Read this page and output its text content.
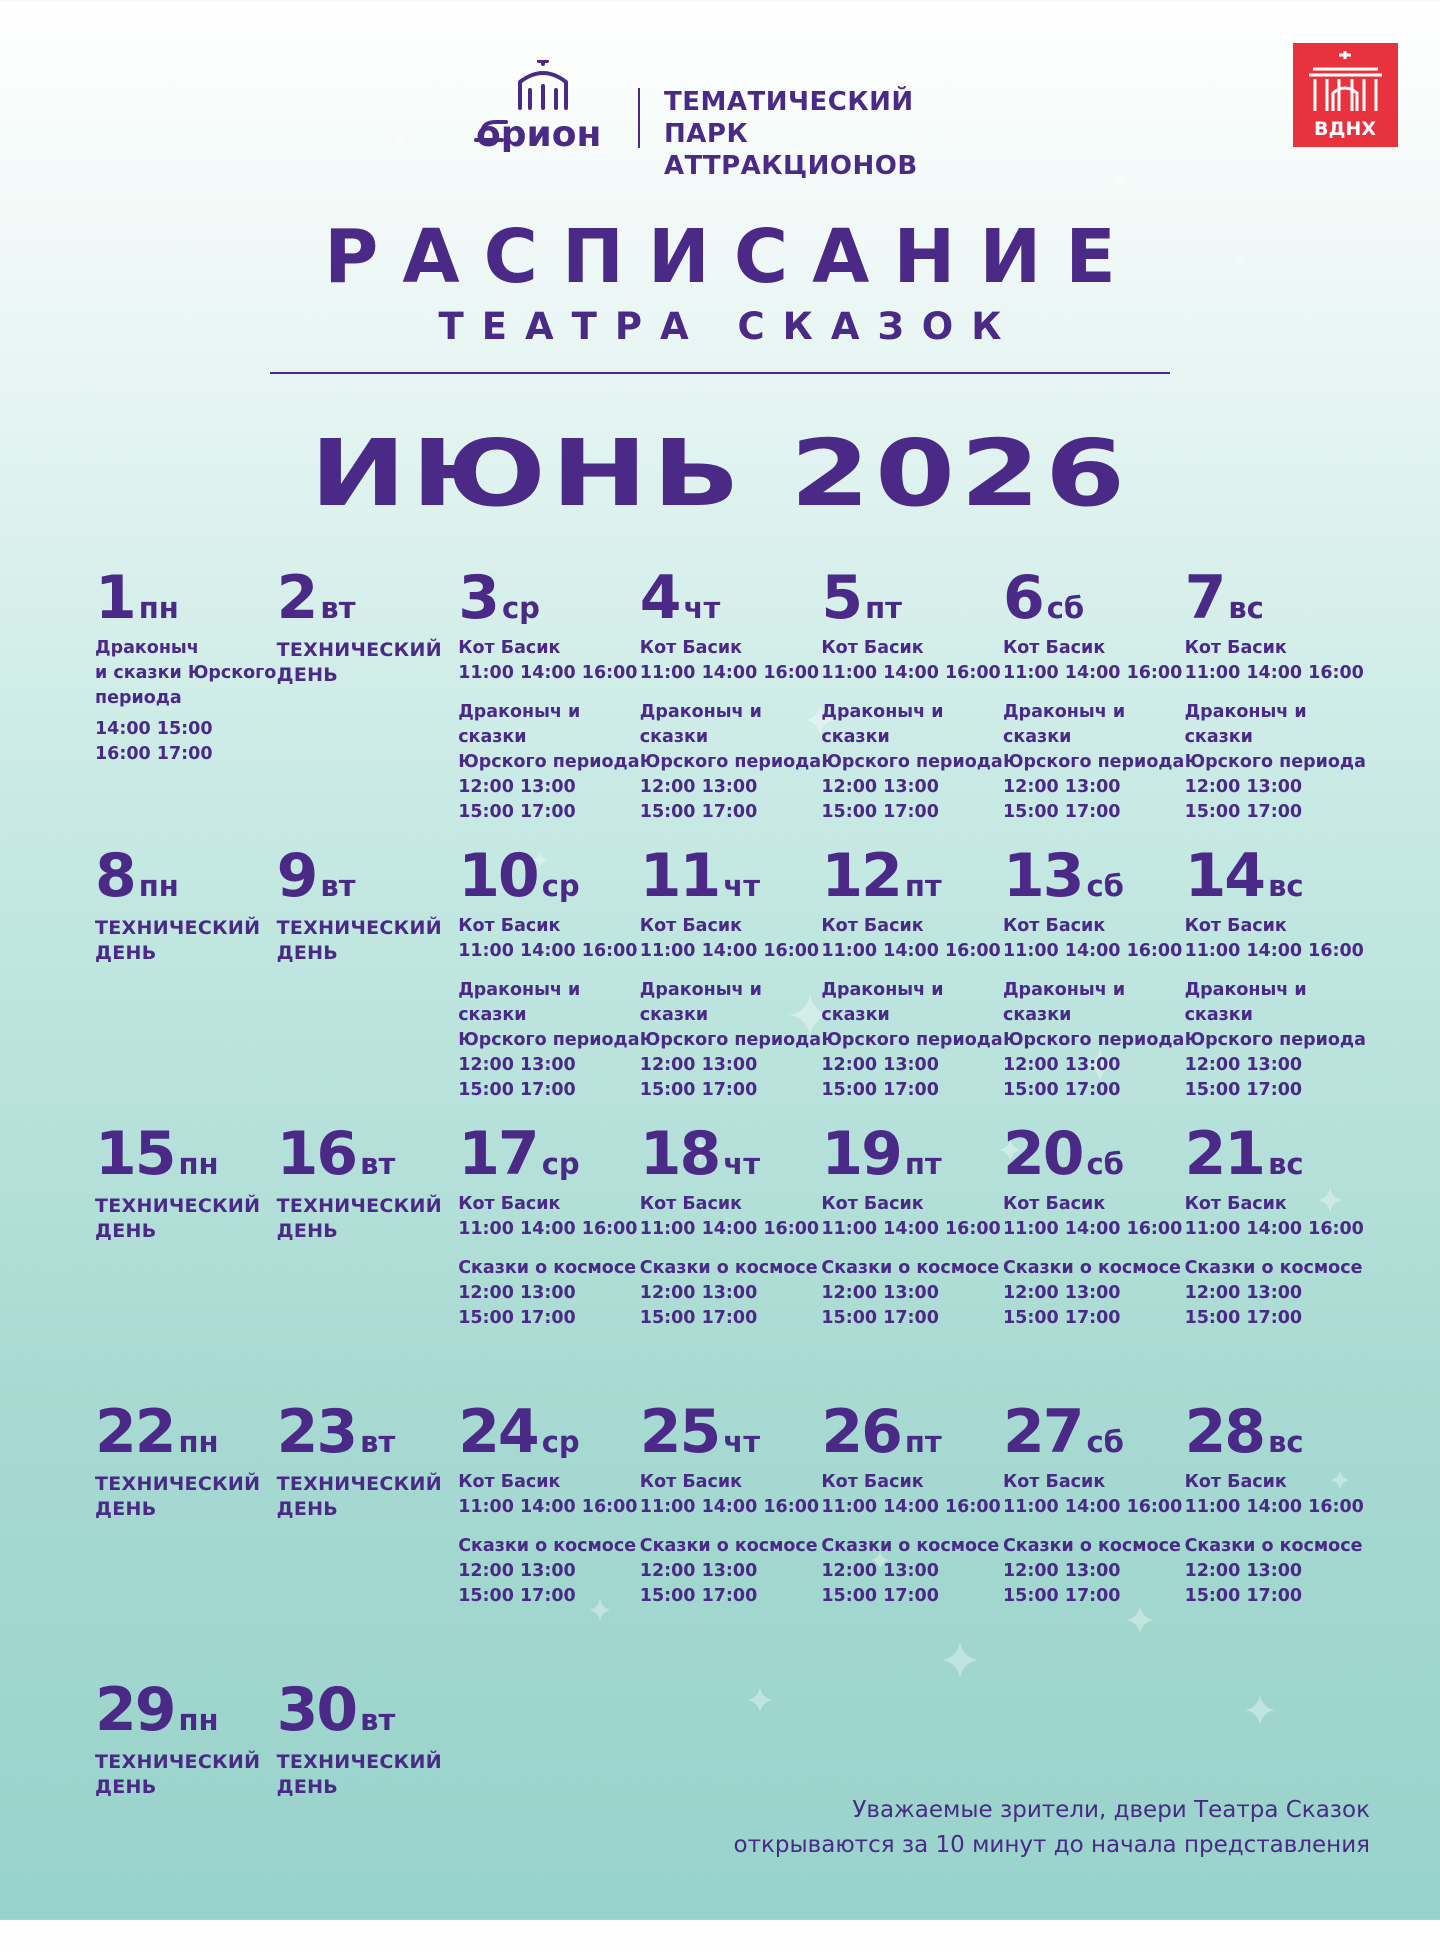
орион
ТЕМАТИЧЕСКИЙ
ПАРК АТТРАКЦИОНОВ
ВДНХ
РАСПИСАНИЕ
ТЕАТРА СКАЗОК
ИЮНЬ 2026
1 пн
Драконыч
и сказки Юрского
периода
14:00 15:00
16:00 17:00
2 вт
ТЕХНИЧЕСКИЙ
ДЕНЬ
3 ср
Кот Басик
11:00 14:00 16:00
Драконыч и сказки
Юрского периода
12:00 13:00
15:00 17:00
4 чт
Кот Басик
11:00 14:00 16:00
Драконыч и сказки
Юрского периода
12:00 13:00
15:00 17:00
5 пт
Кот Басик
11:00 14:00 16:00
Драконыч и сказки
Юрского периода
12:00 13:00
15:00 17:00
6 сб
Кот Басик
11:00 14:00 16:00
Драконыч и сказки
Юрского периода
12:00 13:00
15:00 17:00
7 вс
Кот Басик
11:00 14:00 16:00
Драконыч и сказки
Юрского периода
12:00 13:00
15:00 17:00
8 пн
ТЕХНИЧЕСКИЙ
ДЕНЬ
9 вт
ТЕХНИЧЕСКИЙ
ДЕНЬ
10 ср
Кот Басик
11:00 14:00 16:00
Драконыч и сказки
Юрского периода
12:00 13:00
15:00 17:00
11 чт
Кот Басик
11:00 14:00 16:00
Драконыч и сказки
Юрского периода
12:00 13:00
15:00 17:00
12 пт
Кот Басик
11:00 14:00 16:00
Драконыч и сказки
Юрского периода
12:00 13:00
15:00 17:00
13 сб
Кот Басик
11:00 14:00 16:00
Драконыч и сказки
Юрского периода
12:00 13:00
15:00 17:00
14 вс
Кот Басик
11:00 14:00 16:00
Драконыч и сказки
Юрского периода
12:00 13:00
15:00 17:00
15 пн
ТЕХНИЧЕСКИЙ
ДЕНЬ
16 вт
ТЕХНИЧЕСКИЙ
ДЕНЬ
17 ср
Кот Басик
11:00 14:00 16:00
Сказки о космосе
12:00 13:00
15:00 17:00
18 чт
Кот Басик
11:00 14:00 16:00
Сказки о космосе
12:00 13:00
15:00 17:00
19 пт
Кот Басик
11:00 14:00 16:00
Сказки о космосе
12:00 13:00
15:00 17:00
20 сб
Кот Басик
11:00 14:00 16:00
Сказки о космосе
12:00 13:00
15:00 17:00
21 вс
Кот Басик
11:00 14:00 16:00
Сказки о космосе
12:00 13:00
15:00 17:00
22 пн
ТЕХНИЧЕСКИЙ
ДЕНЬ
23 вт
ТЕХНИЧЕСКИЙ
ДЕНЬ
24 ср
Кот Басик
11:00 14:00 16:00
Сказки о космосе
12:00 13:00
15:00 17:00
25 чт
Кот Басик
11:00 14:00 16:00
Сказки о космосе
12:00 13:00
15:00 17:00
26 пт
Кот Басик
11:00 14:00 16:00
Сказки о космосе
12:00 13:00
15:00 17:00
27 сб
Кот Басик
11:00 14:00 16:00
Сказки о космосе
12:00 13:00
15:00 17:00
28 вс
Кот Басик
11:00 14:00 16:00
Сказки о космосе
12:00 13:00
15:00 17:00
29 пн
ТЕХНИЧЕСКИЙ
ДЕНЬ
30 вт
ТЕХНИЧЕСКИЙ
ДЕНЬ
Уважаемые зрители, двери Театра Сказок
открываются за 10 минут до начала представления
